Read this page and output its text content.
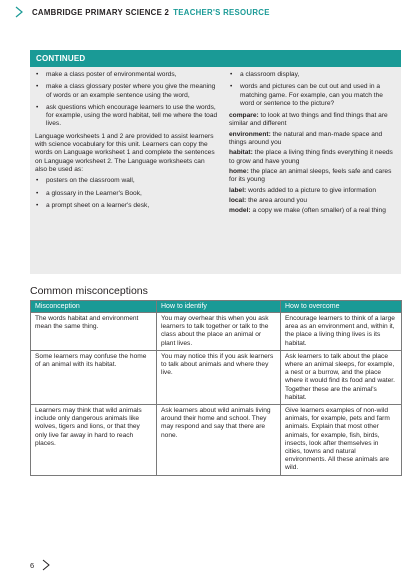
CAMBRIDGE PRIMARY SCIENCE 2 TEACHER'S RESOURCE
CONTINUED
• make a class poster of environmental words,
• make a class glossary poster where you give the meaning of words or an example sentence using the word,
• ask questions which encourage learners to use the words, for example, using the word habitat, tell me where the toad lives.
Language worksheets 1 and 2 are provided to assist learners with science vocabulary for this unit. Learners can copy the words on Language worksheet 1 and complete the sentences on Language worksheet 2. The Language worksheets can also be used as:
• posters on the classroom wall,
• a glossary in the Learner's Book,
• a prompt sheet on a learner's desk,
• a classroom display,
• words and pictures can be cut out and used in a matching game. For example, can you match the word or sentence to the picture?
compare: to look at two things and find things that are similar and different
environment: the natural and man-made space and things around you
habitat: the place a living thing finds everything it needs to grow and have young
home: the place an animal sleeps, feels safe and cares for its young
label: words added to a picture to give information
local: the area around you
model: a copy we make (often smaller) of a real thing
Common misconceptions
Misconception	How to identify	How to overcome
The words habitat and environment mean the same thing.	You may overhear this when you ask learners to talk together or talk to the class about the place an animal or plant lives.	Encourage learners to think of a large area as an environment and, within it, the place a living thing lives is its habitat.
Some learners may confuse the home of an animal with its habitat.	You may notice this if you ask learners to talk about animals and where they live.	Ask learners to talk about the place where an animal sleeps, for example, a nest or a burrow, and the place where it would find its food and water. Together these are the animal's habitat.
Learners may think that wild animals include only dangerous animals like wolves, tigers and lions, or that they only live far away in hard to reach places.	Ask learners about wild animals living around their home and school. They may respond and say that there are none.	Give learners examples of non-wild animals, for example, pets and farm animals. Explain that most other animals, for example, fish, birds, insects, look after themselves in cities, towns and natural environments. All these animals are wild.
6
